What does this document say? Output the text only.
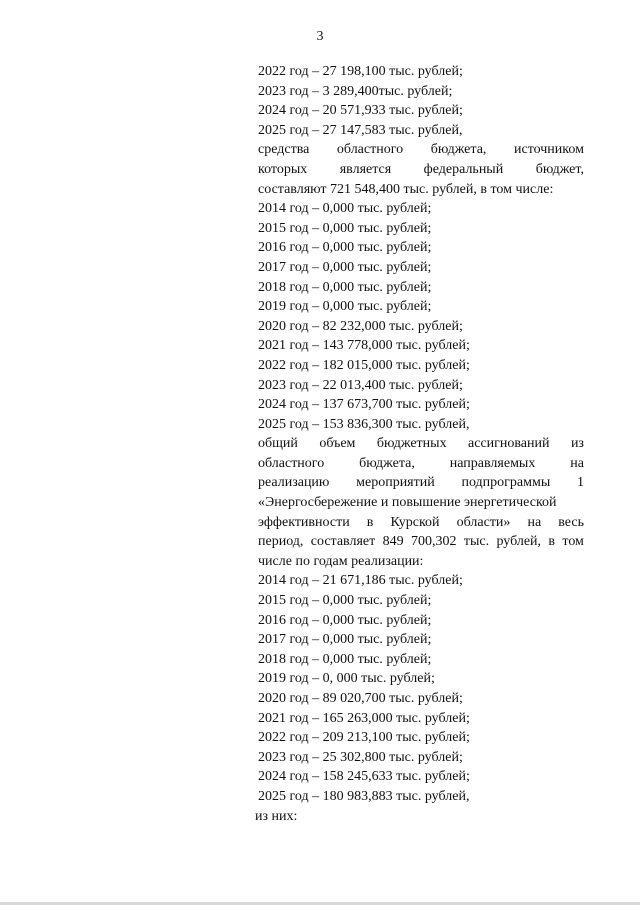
3
2022 год – 27 198,100 тыс. рублей;
2023 год – 3 289,400тыс. рублей;
2024 год – 20 571,933 тыс. рублей;
2025 год – 27 147,583 тыс. рублей,
средства областного бюджета, источником
которых является федеральный бюджет,
составляют 721 548,400 тыс. рублей, в том числе:
2014 год – 0,000 тыс. рублей;
2015 год – 0,000 тыс. рублей;
2016 год – 0,000 тыс. рублей;
2017 год – 0,000 тыс. рублей;
2018 год – 0,000 тыс. рублей;
2019 год – 0,000 тыс. рублей;
2020 год – 82 232,000 тыс. рублей;
2021 год – 143 778,000 тыс. рублей;
2022 год – 182 015,000 тыс. рублей;
2023 год – 22 013,400 тыс. рублей;
2024 год – 137 673,700 тыс. рублей;
2025 год – 153 836,300 тыс. рублей,
общий объем бюджетных ассигнований из
областного бюджета, направляемых на
реализацию мероприятий подпрограммы 1
«Энергосбережение и повышение энергетической
эффективности в Курской области» на весь
период, составляет 849 700,302 тыс. рублей, в том
числе по годам реализации:
2014 год – 21 671,186 тыс. рублей;
2015 год – 0,000 тыс. рублей;
2016 год – 0,000 тыс. рублей;
2017 год – 0,000 тыс. рублей;
2018 год – 0,000 тыс. рублей;
2019 год – 0, 000 тыс. рублей;
2020 год – 89 020,700 тыс. рублей;
2021 год – 165 263,000 тыс. рублей;
2022 год – 209 213,100 тыс. рублей;
2023 год – 25 302,800 тыс. рублей;
2024 год – 158 245,633 тыс. рублей;
2025 год – 180 983,883 тыс. рублей,
из них:
